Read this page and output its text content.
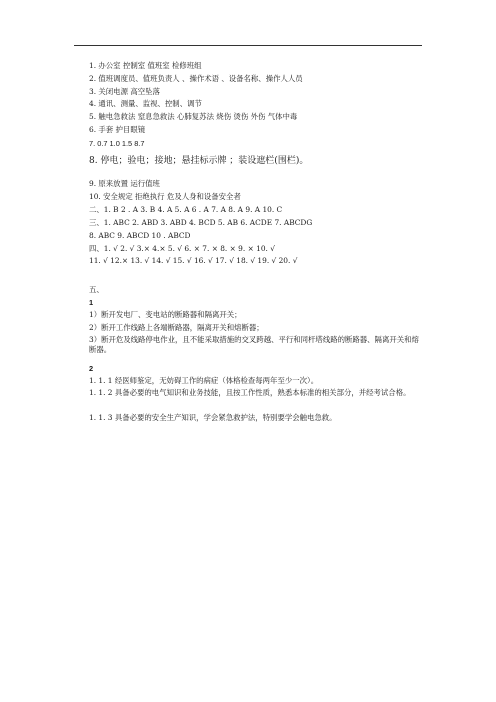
1. 办公室 控制室 值班室 检修班组
2. 值班调度员、值班负责人 、操作术语 、设备名称、操作人人员
3. 关闭电源 高空坠落
4. 通讯、测量、监视、控制、调节
5. 触电急救法 窒息急救法 心肺复苏法 烧伤 烫伤 外伤 气体中毒
6. 手套 护目眼镜
7. 0.7 1.0 1.5 8.7
8. 停电；验电；接地；悬挂标示牌 ；装设遮栏(围栏)。
9. 原来放置 运行值班
10. 安全规定 拒绝执行 危及人身和设备安全者
二、1. B 2 . A 3. B 4. A 5. A 6 . A 7. A 8. A 9. A 10. C
三、1. ABC 2. ABD 3. ABD 4. BCD 5. AB 6. ACDE 7. ABCDG
8. ABC 9. ABCD 10 . ABCD
四、1. √ 2. √ 3.× 4.× 5. √ 6. × 7. × 8. × 9. × 10. √
11. √ 12.× 13. √ 14. √ 15. √ 16. √ 17. √ 18. √ 19. √ 20. √
五、
1
1）断开发电厂、变电站的断路器和隔离开关；
2）断开工作线路上各端断路器，隔离开关和熔断器；
3）断开危及线路停电作业，且不能采取措施的交叉跨越、平行和同杆塔线路的断路器、隔离开关和熔断器。
2
1. 1. 1 经医师鉴定，无妨碍工作的病症（体格检查每两年至少一次）。
1. 1. 2 具备必要的电气知识和业务技能，且按工作性质，熟悉本标准的相关部分，并经考试合格。
1. 1. 3 具备必要的安全生产知识，学会紧急救护法，特别要学会触电急救。
